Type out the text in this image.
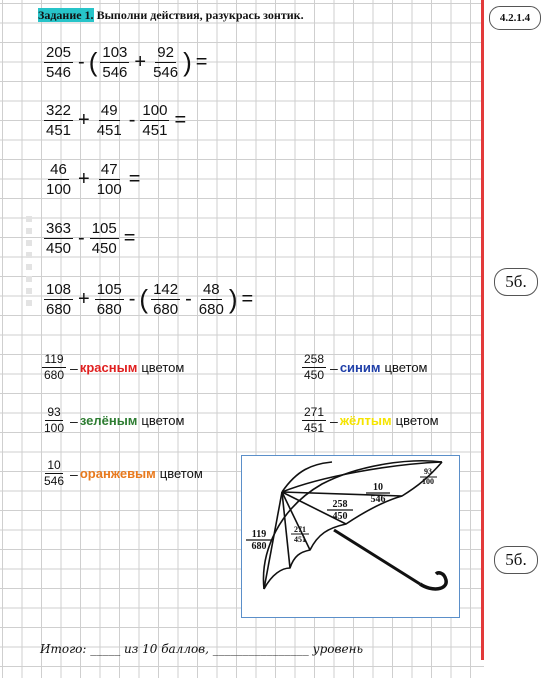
Задание 1. Выполни действия, разукрась зонтик.	4.2.1.4
5б.
5б.
$\frac{205}{546}$ - ( $\frac{103}{546} + \frac{92}{546}$ ) =
$\frac{322}{451} + \frac{49}{451} - \frac{100}{451}$ =
$\frac{46}{100} + \frac{47}{100}$ =
$\frac{363}{450} - \frac{105}{450}$ =
$\frac{108}{680} + \frac{105}{680}$ - ( $\frac{142}{680} - \frac{48}{680}$ ) =
$\frac{119}{680}$ – красным цветом	$\frac{258}{450}$ – синим цветом
$\frac{93}{100}$ – зелёным цветом	$\frac{271}{451}$ – жёлтым цветом
$\frac{10}{546}$ – оранжевым цветом	93
100
10
546
258
450
271
451
119
680
Итого: _____ из 10 баллов, ________________ уровень
